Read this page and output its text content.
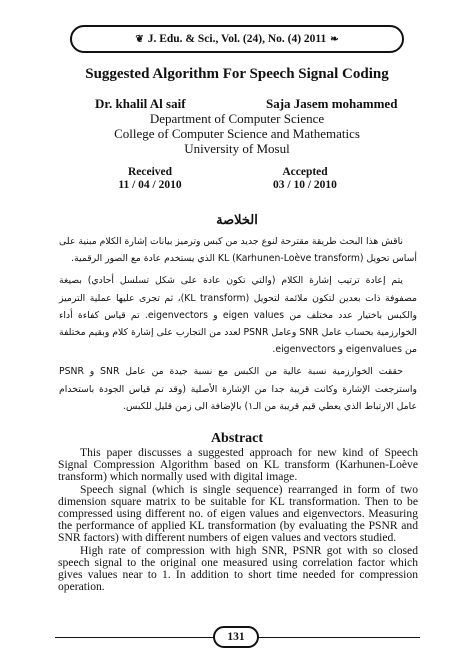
❦ J. Edu. & Sci., Vol. (24), No. (4) 2011 ❧
Suggested Algorithm For Speech Signal Coding
Dr. khalil Al saif	Saja Jasem mohammed
Department of Computer Science
College of Computer Science and Mathematics
University of Mosul
Received
11 / 04 / 2010
Accepted
03 / 10 / 2010
الخلاصة

ناقش هذا البحث طريقة مقترحة لنوع جديد من كبس وترميز بيانات إشارة الكلام مبنية على أساس تحويل KL (Karhunen-Loève transform) الذي يستخدم عادة مع الصور الرقمية.

يتم إعادة ترتيب إشارة الكلام (والتي تكون عادة على شكل تسلسل أحادي) بصيغة مصفوفة ذات بعدين لتكون ملائمة لتحويل (KL transform)، ثم تجرى عليها عملية الترميز والكبس باختيار عدد مختلف من eigen values و eigenvectors. تم قياس كفاءة أداء الخوارزمية بحساب عامل SNR وعامل PSNR لعدد من التجارب على إشارة كلام وبقيم مختلفة من eigenvalues و eigenvectors.

حققت الخوارزمية نسبة عالية من الكبس مع نسبة جيدة من عامل SNR و PSNR واسترجعت الإشارة وكانت قريبة جدا من الإشارة الأصلية (وقد تم قياس الجودة باستخدام عامل الارتباط الذي يعطي قيم قريبة من الـ١) بالإضافة الى زمن قليل للكبس.

Abstract

This paper discusses a suggested approach for new kind of Speech Signal Compression Algorithm based on KL transform (Karhunen-Loève transform) which normally used with digital image.

Speech signal (which is single sequence) rearranged in form of two dimension square matrix to be suitable for KL transformation. Then to be compressed using different no. of eigen values and eigenvectors. Measuring the performance of applied KL transformation (by evaluating the PSNR and SNR factors) with different numbers of eigen values and vectors studied.

High rate of compression with high SNR, PSNR got with so closed speech signal to the original one measured using correlation factor which gives values near to 1. In addition to short time needed for compression operation.

131
